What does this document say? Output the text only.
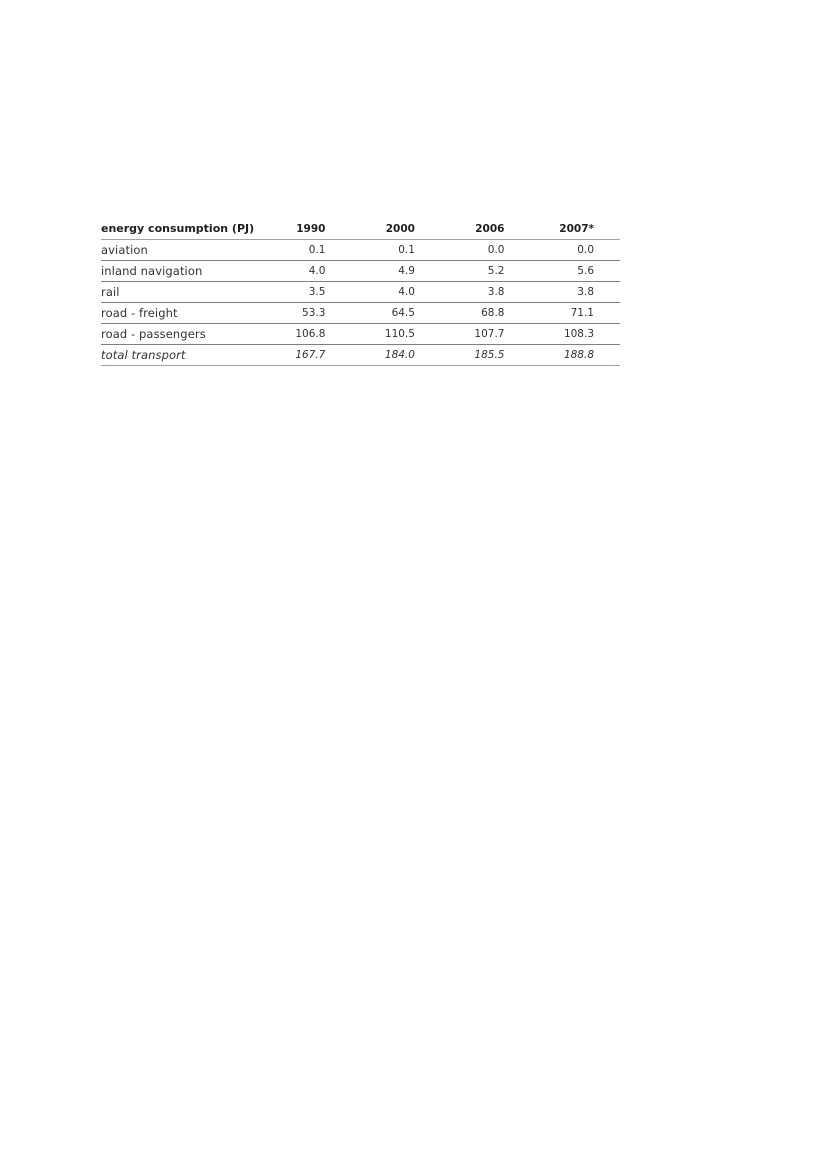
energy consumption (PJ)	1990	2000	2006	2007*
aviation	0.1	0.1	0.0	0.0
inland navigation	4.0	4.9	5.2	5.6
rail	3.5	4.0	3.8	3.8
road - freight	53.3	64.5	68.8	71.1
road - passengers	106.8	110.5	107.7	108.3
total transport	167.7	184.0	185.5	188.8
